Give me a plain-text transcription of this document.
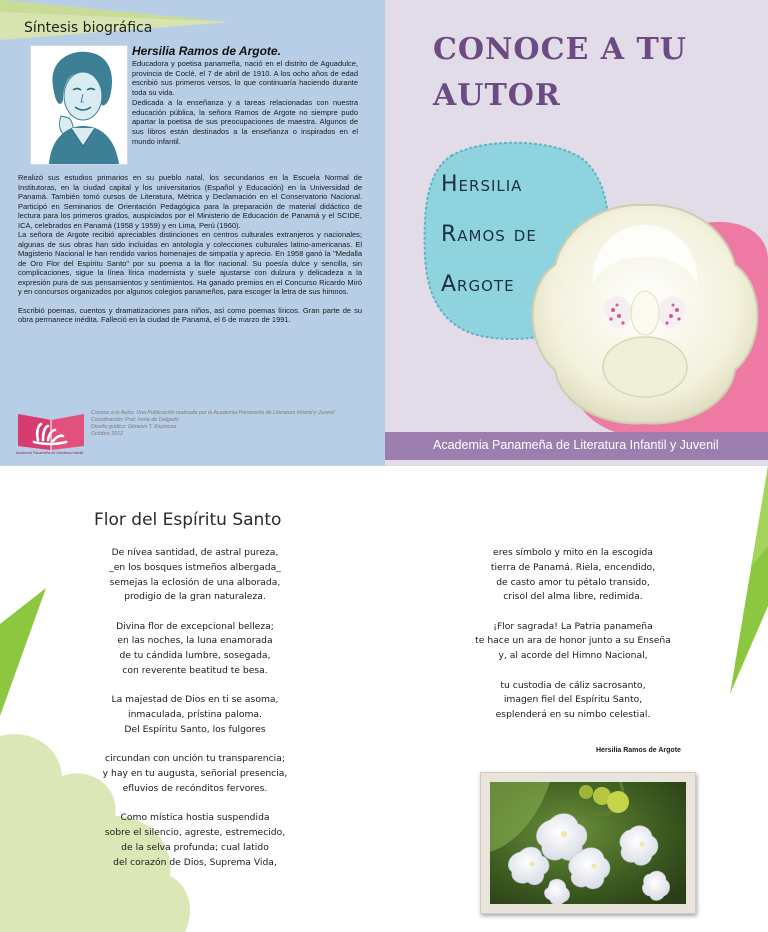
Síntesis biográfica
Hersilia Ramos de Argote.

Educadora y poetisa panameña, nació en el distrito de Aguadulce, provincia de Coclé, el 7 de abril de 1910. A los ocho años de edad escribió sus primeros versos, lo que continuaría haciendo durante toda su vida.

Dedicada a la enseñanza y a tareas relacionadas con nuestra educación pública, la señora Ramos de Argote no siempre pudo apartar la poetisa de sus preocupaciones de maestra. Algunos de sus libros están destinados a la enseñanza o inspirados en el mundo infantil.

Realizó sus estudios primarios en su pueblo natal, los secundarios en la Escuela Normal de Institutoras, en la ciudad capital y los universitarios (Español y Educación) en la Universidad de Panamá. También tomó cursos de Literatura, Métrica y Declamación en el Conservatorio Nacional. Participó en Seminarios de Orientación Pedagógica para la preparación de material didáctico de lectura para los primeros grados, auspiciados por el Ministerio de Educación de Panamá y el SCIDE, ICA, celebrados en Panamá (1958 y 1959) y en Lima, Perú (1960).

La señora de Argote recibió apreciables distinciones en centros culturales extranjeros y nacionales; algunas de sus obras han sido incluidas en antología y colecciones culturales latino-americanas. El Magisterio Nacional le han rendido varios homenajes de simpatía y aprecio. En 1958 ganó la "Medalla de Oro Flor del Espíritu Santo" por su poema a la flor nacional. Su poesía dulce y sencilla, sin complicaciones, sigue la línea lírica modernista y suele ajustarse con dulzura y delicadeza a la expresión pura de sus pensamientos y sentimientos. Ha ganado premios en el Concurso Ricardo Miró y en concursos organizados por algunos colegios panameños, para escoger la letra de sus himnos.

Escribió poemas, cuentos y dramatizaciones para niños, así como poemas líricos. Gran parte de su obra permanece inédita. Falleció en la ciudad de Panamá, el 6 de marzo de 1991.

Academia Panameña de Literatura Infantil
Conoce a tu Autor. Una Publicación realizada por la Academia Panameña de Literatura Infantil y Juvenil
Coordinación: Prof. Irene de Delgado
Diseño gráfico: Génesis T. Espinosa
Octubre 2012
CONOCE A TU
AUTOR
Hersilia
Ramos de
Argote
Academia Panameña de Literatura Infantil y Juvenil
Flor del Espíritu Santo
De nívea santidad, de astral pureza,
_en los bosques istmeños albergada_
semejas la eclosión de una alborada,
prodigio de la gran naturaleza.
Divina flor de excepcional belleza;
en las noches, la luna enamorada
de tu cándida lumbre, sosegada,
con reverente beatitud te besa.
La majestad de Dios en ti se asoma,
inmaculada, prístina paloma.
Del Espíritu Santo, los fulgores
circundan con unción tu transparencia;
y hay en tu augusta, señorial presencia,
efluvios de recónditos fervores.
Como mística hostia suspendida
sobre el silencio, agreste, estremecido,
de la selva profunda; cual latido
del corazón de Dios, Suprema Vida,
eres símbolo y mito en la escogida
tierra de Panamá. Riela, encendido,
de casto amor tu pétalo transido,
crisol del alma libre, redimida.
¡Flor sagrada! La Patria panameña
te hace un ara de honor junto a su Enseña
y, al acorde del Himno Nacional,
tu custodia de cáliz sacrosanto,
imagen fiel del Espíritu Santo,
esplenderá en su nimbo celestial.
Hersilia Ramos de Argote
